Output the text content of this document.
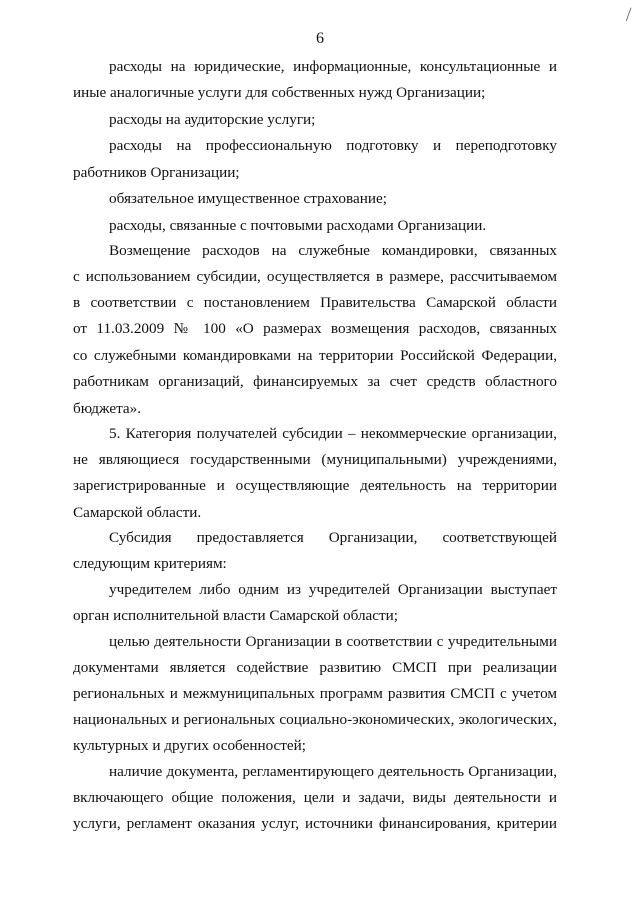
6
расходы на юридические, информационные, консультационные и
иные аналогичные услуги для собственных нужд Организации;
расходы на аудиторские услуги;
расходы на профессиональную подготовку и переподготовку
работников Организации;
обязательное имущественное страхование;
расходы, связанные с почтовыми расходами Организации.
Возмещение расходов на служебные командировки, связанных
с использованием субсидии, осуществляется в размере, рассчитываемом
в соответствии с постановлением Правительства Самарской области
от 11.03.2009 № 100 «О размерах возмещения расходов, связанных
со служебными командировками на территории Российской Федерации,
работникам организаций, финансируемых за счет средств областного
бюджета».
5. Категория получателей субсидии – некоммерческие организации,
не являющиеся государственными (муниципальными) учреждениями,
зарегистрированные и осуществляющие деятельность на территории
Самарской области.
Субсидия предоставляется Организации, соответствующей
следующим критериям:
учредителем либо одним из учредителей Организации выступает
орган исполнительной власти Самарской области;
целью деятельности Организации в соответствии с учредительными
документами является содействие развитию СМСП при реализации
региональных и межмуниципальных программ развития СМСП с учетом
национальных и региональных социально-экономических, экологических,
культурных и других особенностей;
наличие документа, регламентирующего деятельность Организации,
включающего общие положения, цели и задачи, виды деятельности и
услуги, регламент оказания услуг, источники финансирования, критерии
